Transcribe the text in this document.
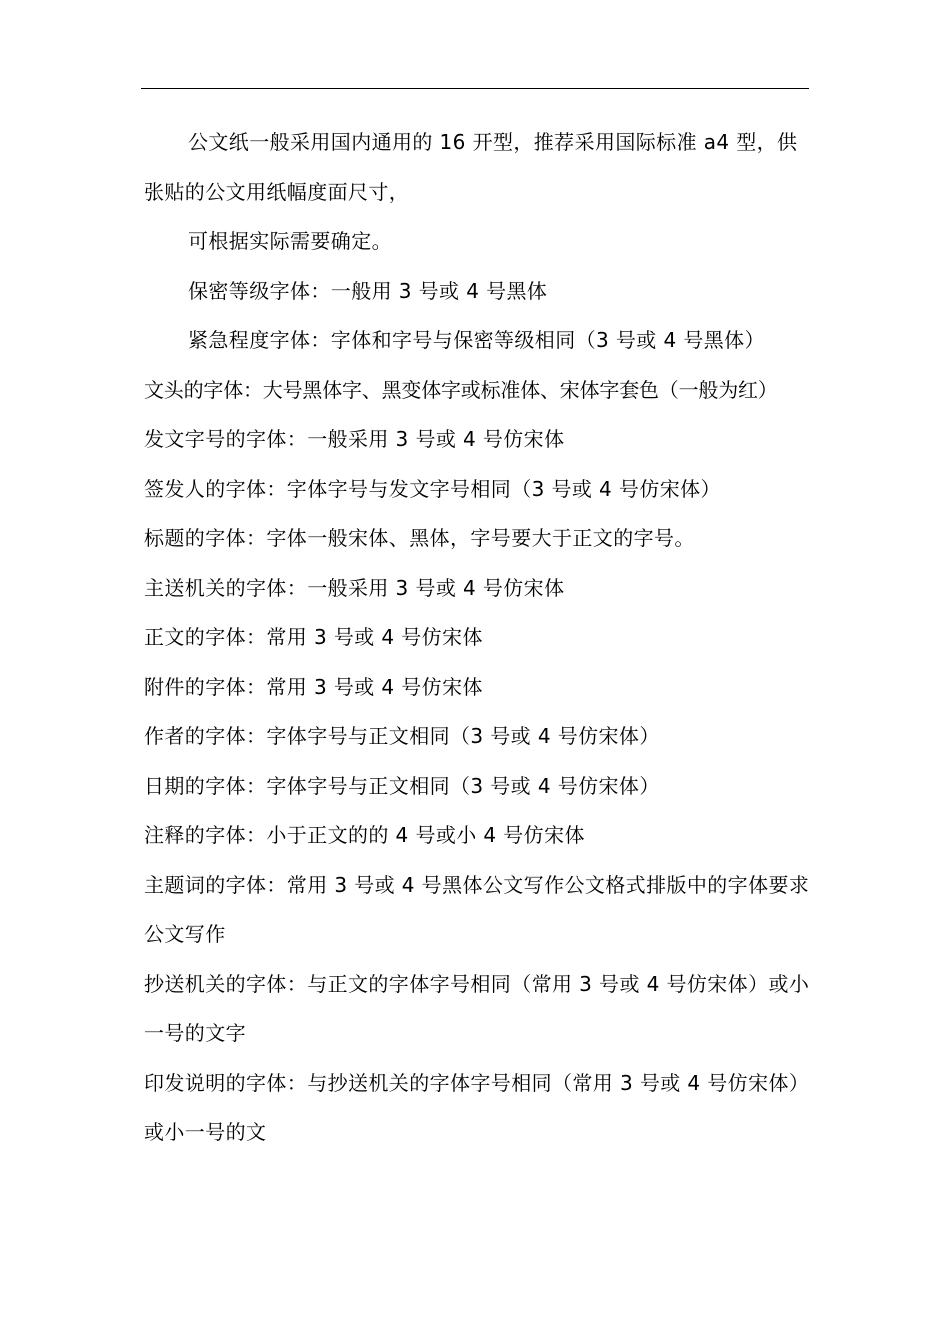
公文纸一般采用国内通用的 16 开型，推荐采用国际标准 a4 型，供张贴的公文用纸幅度面尺寸，

可根据实际需要确定。

保密等级字体：一般用 3 号或 4 号黑体

紧急程度字体：字体和字号与保密等级相同（3 号或 4 号黑体）

文头的字体：大号黑体字、黑变体字或标准体、宋体字套色（一般为红）

发文字号的字体：一般采用 3 号或 4 号仿宋体

签发人的字体：字体字号与发文字号相同（3 号或 4 号仿宋体）

标题的字体：字体一般宋体、黑体，字号要大于正文的字号。

主送机关的字体：一般采用 3 号或 4 号仿宋体

正文的字体：常用 3 号或 4 号仿宋体

附件的字体：常用 3 号或 4 号仿宋体

作者的字体：字体字号与正文相同（3 号或 4 号仿宋体）

日期的字体：字体字号与正文相同（3 号或 4 号仿宋体）

注释的字体：小于正文的的 4 号或小 4 号仿宋体

主题词的字体：常用 3 号或 4 号黑体公文写作公文格式排版中的字体要求公文写作

抄送机关的字体：与正文的字体字号相同（常用 3 号或 4 号仿宋体）或小一号的文字

印发说明的字体：与抄送机关的字体字号相同（常用 3 号或 4 号仿宋体）或小一号的文
